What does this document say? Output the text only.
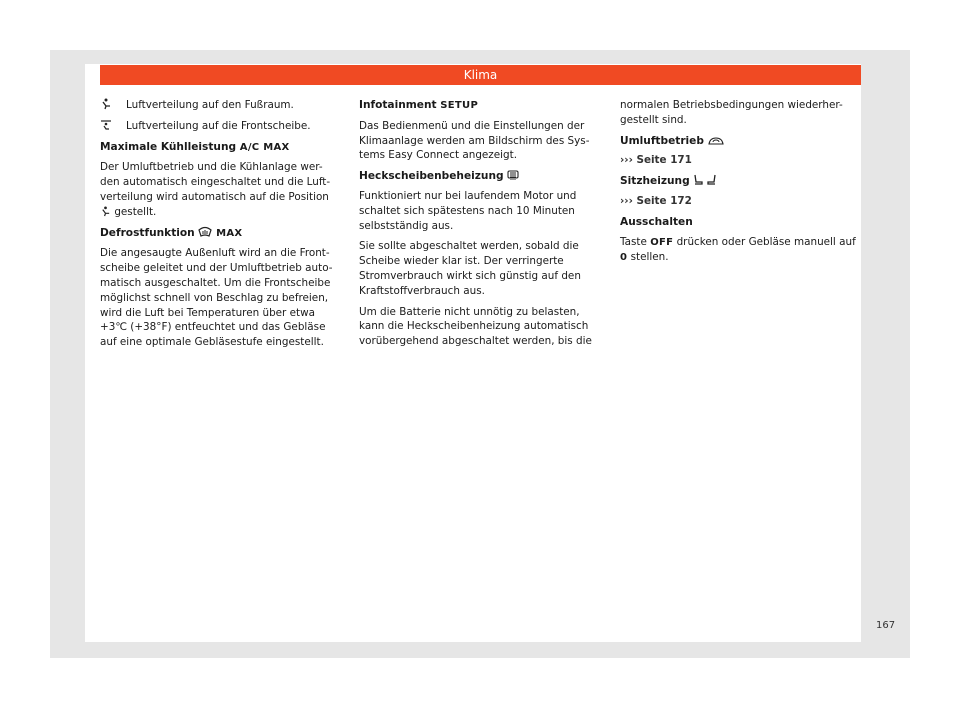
Klima
Luftverteilung auf den Fußraum.
Luftverteilung auf die Frontscheibe.
Maximale Kühlleistung A/C MAX

Der Umluftbetrieb und die Kühlanlage wer-den automatisch eingeschaltet und die Luft-verteilung wird automatisch auf die Position
gestellt.

Defrostfunktion MAX

Die angesaugte Außenluft wird an die Front-scheibe geleitet und der Umluftbetrieb auto-matisch ausgeschaltet. Um die Frontscheibe möglichst schnell von Beschlag zu befreien, wird die Luft bei Temperaturen über etwa +3℃ (+38°F) entfeuchtet und das Gebläse auf eine optimale Gebläsestufe eingestellt.

Infotainment SETUP

Das Bedienmenü und die Einstellungen der Klimaanlage werden am Bildschirm des Sys-tems Easy Connect angezeigt.

Heckscheibenbeheizung

Funktioniert nur bei laufendem Motor und schaltet sich spätestens nach 10 Minuten selbstständig aus.

Sie sollte abgeschaltet werden, sobald die Scheibe wieder klar ist. Der verringerte Stromverbrauch wirkt sich günstig auf den Kraftstoffverbrauch aus.

Um die Batterie nicht unnötig zu belasten, kann die Heckscheibenheizung automatisch vorübergehend abgeschaltet werden, bis die

normalen Betriebsbedingungen wiederher-gestellt sind.

Umluftbetrieb

››› Seite 171

Sitzheizung

››› Seite 172

Ausschalten

Taste OFF drücken oder Gebläse manuell auf 0 stellen.

167
